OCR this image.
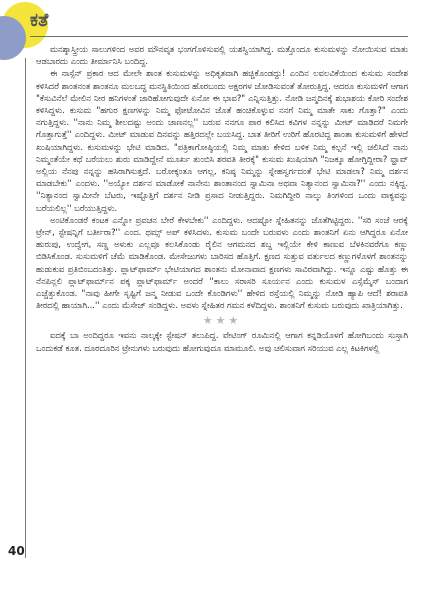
ಕತೆ

ಮನಶ್ಶಾಸ್ತ್ರೀಯ ಸಾಲುಗಳಿಂದ ಅವರ ಮೌನವೃತ ಭಂಗಗೊಳಿಸುವಲ್ಲಿ ಯಶಸ್ವಿಯಾಗಿದ್ದ. ಮತ್ತೊಂದೂ ಕುಸುಮಳನ್ನು ನೋಯಿಸುವ ಮಾತು ಆಡಬಾರದು ಎಂದು ತೀರ್ಮಾನಿಸಿ ಬಂದಿದ್ದ.

ಈ ನಾಸ್ಸೆನ್ ಪ್ರಕಾರ ಆದ ಮೇಲೇ ಶಾಂತ ಕುಸುಮಳನ್ನು ಅಧಿಕೃತವಾಗಿ ಹಚ್ಚಿಕೊಂಡದ್ದು! ಎಂದಿನ ಲವಲವಿಕೆಯಿಂದ ಕುಸುಮ ಸಂದೇಶ ಕಳಿಸಿದರೆ ಶಾಂತನಂತ ಶಾಂತನೂ ಮಲಬದ್ಧ ಮನಸ್ಥಿತಿಯಿಂದ ಹೊರಬಂದು ಅಕ್ಷರಗಳ ಜೋಡಿಸುವಂತೆ ತೋರುತ್ತಿದ್ದ. ಆದರೂ ಕುಸುಮಳಿಗೆ ಆಗಾಗ "ಕೆಸುವಿನೆಲೆ ಮೇಲಿನ ನೀರ ಹನಿಗಳಂತೆ ಜಾರಿಹೋಗುವುದೇ ಏನೋ ಈ ಭಾವ?" ಎನ್ನಿಸುತ್ತಿತ್ತು. ನೋಡಿ ಜನ್ಮದಿನಕ್ಕೆ ಶುಭಾಶಯ ಕೋರಿ ಸಂದೇಶ ಕಳಿಸಿದ್ದಳು. ಕುಸುಮ "ಹಗುರ ಕ್ಷಣಗಳನ್ನು ನಿಮ್ಮ ಫೋಟೋವಿನ ಜೊತೆ ಹಂಚಿಕೊಳ್ಳುವ ನನಗೆ ನಿಮ್ಮ ಮಾತೇ ಸಾಕು ಗೊತ್ತಾ?" ಎಂದು ನಗುತ್ತಿದ್ದಳು. ''ನಾನು ನಿಮ್ಮ ಶೀಲದಷ್ಟು ಅಂದು ಜಾಣನಲ್ಲ'' ಬರುವ ನನಗೂ ಪಾಠ ಕಲಿಸಿದ ಕವಿಗಳ ನನ್ನನ್ನು ಮೀಟ್ ಮಾಡಿದರೆ ನಿಮಗೇ ಗೊತ್ತಾಗುತ್ತೆ'' ಎಂದಿದ್ದಳು. ಮೀಟ್ ಮಾಡುವ ದಿನವನ್ನು ಹತ್ತಿರದಲ್ಲೇ ಬಯಸಿದ್ದ. ಬಾತ ತೀರಿಗೆ ಉರಿಗೆ ಹೊರಟಿದ್ದ ಶಾಂತಾ ಕುಸುಮಳಿಗೆ ಹೇಳದೆ ಖುಷಿಯಾಗಿದ್ದಳು. ಕುಸುಮಳನ್ನು ಭೇಟಿ ಮಾಡಿದ. "ಪತ್ರಿಕಾಗೋಷ್ಠಿಯಲ್ಲಿ ನಿಮ್ಮ ಮಾತು ಕೇಳಿದ ಬಳಿಕ ನಿಮ್ಮ ಕಲ್ಪನೆ ಇಲ್ಲಿ ಚಲಿಸಿದೆ ನಾನು ನಿಮ್ಮಂತೆಯೇ ಕಥೆ ಬರೆಯಲು ಶುರು ಮಾಡಿದ್ದೇನೆ ಮೂರ್ಖ ತುಂಬಿಸಿ ಶರವತಿ ತೀರಕ್ಕೆ" ಕುಸುಮ ಖುಷಿಯಾಗಿ "ನಿಜಕ್ಕೂ ಹೋಗ್ತಿದ್ದೀರಾ? ವ್ಹಾವ್ ಅಲ್ಲಿಯ ನೆನಪು ನನ್ನನ್ನು ಹಸಿರಾಗಿಸುತ್ತದೆ. ಬರೋಕ್ಕಂತೂ ಆಗಲ್ಲ, ಕನಿಷ್ಠ ನಿಮ್ಮನ್ನು ಸ್ನೇಹಸ್ವರ್ಗದಂತೆ ಭೇಟಿ ಮಾಡಲಾ? ನಿಮ್ಮ ದರ್ಶನ ಮಾಡಬೇಕು'' ಎಂದಳು. ''ಅಯ್ಯೋ ದರ್ಶನ ಮಾಡೋಕೆ ನಾನೇನು ಶಾಂತಾನಂದ ಸ್ವಾಮಿನಾ ಅಥವಾ ನಿತ್ಯಾನಂದ ಸ್ವಾಮಿನಾ?'' ಎಂದು ನಕ್ಕಿದ್ದ. ''ನಿತ್ಯಾನಂದ ಸ್ವಾಮೀನೇ ಬೆಟರು, ಇಷ್ಟೊತ್ತಿಗೆ ದರ್ಶನ ನೀಡಿ ಪ್ರಸಾದ ನೀಡುತ್ತಿದ್ದರು. ನಿಮಗಿದ್ದೀರಿ ನಾಲ್ಕು ತಿಂಗಳಿಂದ ಒಂದು ವಾಕ್ಯವನ್ನು ಬರೆಯಲಿಲ್ಲ'' ಬರೆಯುತ್ತಿದ್ದಳು.

ಅಂಟಿಕೊಂಡರೆ ಕಂಟಕ ಎನ್ನೋ ಪ್ರವಚನ ಬೇರೆ ಕೇಳಬೇಕು'' ಎಂದಿದ್ದಳು. ಆದಷ್ಟೋ ಸ್ನೇಹಿತನನ್ನು ಜೊತೆಗಿಟ್ಟಿದ್ದರು. ''ಸರಿ ಸಂಜೆ ಆರಕ್ಕೆ ಟ್ರೇನ್, ಸ್ಟೇಷನ್ನಿಗೆ ಬರ್ತೀರಾ?'' ಎಂದ. ಥಮ್ಸ್ ಅಪ್ ಕಳಿಸಿದಳು. ಕುಸುಮ ಬಂದೇ ಬರುವಳು ಎಂದು ಶಾಂತನಿಗೆ ಏನು ಆಗಿದ್ದರೂ ಏನೋ ಹುರುಪು, ಉದ್ವೇಗ, ಸಣ್ಣ ಅಳುಕು ಎಲ್ಲವೂ ಕಲಸಿಕೊಂಡು ರೈಲಿನ ಆಗಮನದ ಶಬ್ದ ಇಲ್ಲಿಯೇ ಕೇಳಿ ಕಾಣುವ ಬೆಳಕಿನವರೆಗೂ ಕಣ್ಣು ಬಿಡಿಸಿಕೊಂಡ. ಸುಸುಮಳಿಗೆ ಚೆಮೆ ಮಾಡಿಕೊಂಡ. ಮೇಸೇಜುಗಳು ಬಾರಿಸದ ಹೊತ್ತಿಗೆ. ಕ್ಷಣದ ಸುತ್ತುವ ವರ್ತುಲದ ಕಣ್ಣುಗಳೊಳಗೆ ಶಾಂತನನ್ನು ಹುಡುಕುವ ಪ್ರತಿಬಿಂಬದಂತಿತ್ತು. ಪ್ಲಾಟ್‌ಫಾರ್ಮ್ ಭೇಟಿಯಾಗದ ಶಾಂತನು ಮೋನಾವಾದ ಕ್ಷಣಗಳು ಸಾವಿರವಾಗಿದ್ದು. ಇನ್ನೂ ಎಷ್ಟು ಹೊತ್ತು ಈ ನೆನಪಿನ್ಲಲಿ ಪ್ಲಾಟ್‌ಫಾರ್ಮ್‌ನ ಪಕ್ಕ ಪ್ಲಾಟ್‌ಫಾರ್ಮ್ ಅಂದರೆ ''ಕಾಲು ಸರಾಸರಿ ಸೂರ್ಯನ ಎಂದು ಕುಸುಮಳ ಎಸ್ಸೆಮ್ಮೆಸ್ ಬಂದಾಗ ಎಚ್ಚೆತ್ತುಕೊಂಡ. "ನಾವು ಹೀಗೇ ಸೃಷ್ಟಿಗೆ ಜನ್ಮ ನೀಡುವ ಒಂದೇ ಕೊಂಡಿಗಳು'' ಹೇಳಿದ ರಸ್ತೆಯಲ್ಲಿ ನಿಮ್ಮನ್ನು ನೋಡಿ ಹ್ಯಾಪಿ ಆದೆ! ಶರಾವತಿ ತೀರದಲ್ಲಿ ಹಾಯಾಗಿ...'' ಎಂದು ಮೆಸೇಜ್ ಸಂಡಿದ್ದಳು. ಅವಳು ಸ್ನೇಹಿತರ ಗಮನ ಕಳೆದಿದ್ದಳು. ಶಾಂತನಿಗೆ ಕುಸುಮ ಬರುವುದು ಖಾತ್ರಿಯಾಗಿತ್ತು.

★★★

ಐದಕ್ಕೆ ಬಾ ಅಂದಿದ್ದರೂ ಇವನು ನಾಲ್ಕಕ್ಕೇ ಸ್ಟೇಷನ್ ತಲುಪಿದ್ದ. ವೇಟಿಂಗ್ ರೂಮಿನಲ್ಲಿ ಆಗಾಗ ಕನ್ನಡಿಯೊಳಗೆ ಹೋಗಿಬಂದು ಸುಸ್ತಾಗಿ ಒಂದುಕಡೆ ಕೂತ. ದೂರದೂರಿನ ಟ್ರೇನುಗಳು ಬರುವುದು ಹೋಗುವುದೂ ಮಾಮೂಲಿ. ಅವು ಚಲಿಸುವಾಗ ಸರಿಯುವ ಎಲ್ಲ ಕಿಟಕಿಗಳಲ್ಲಿ

40
